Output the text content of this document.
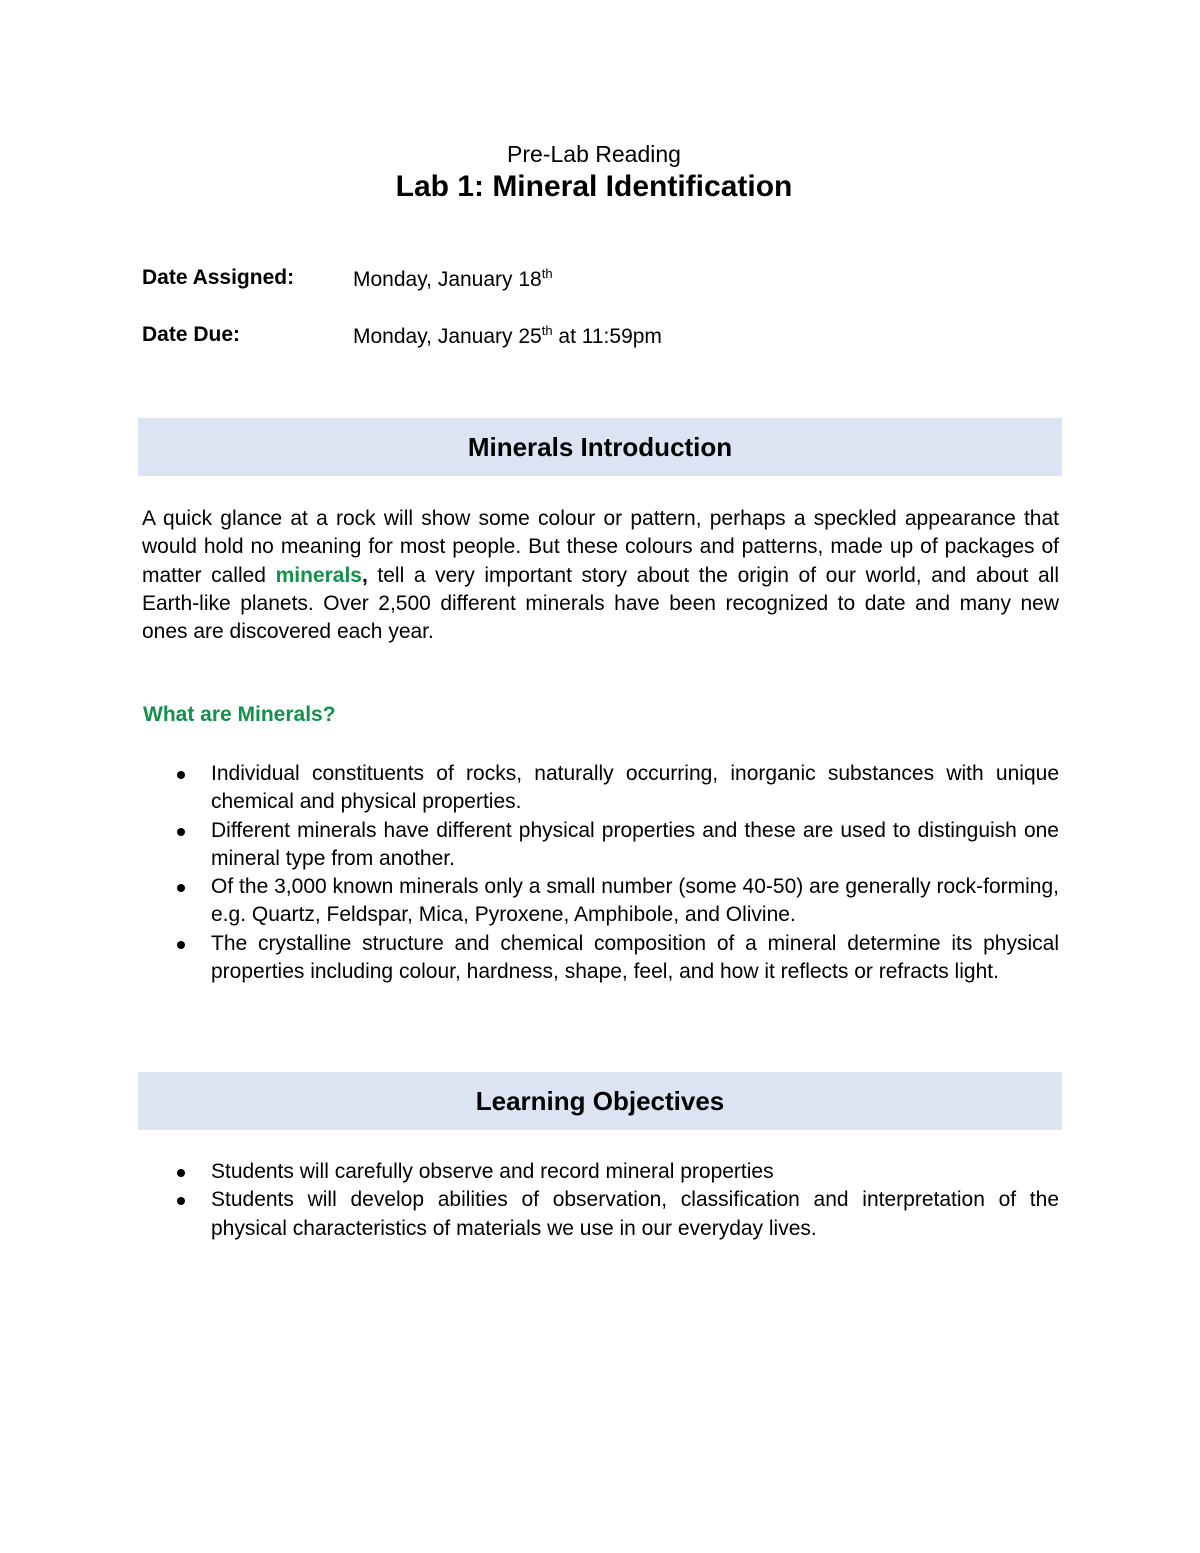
Pre-Lab Reading
Lab 1: Mineral Identification
Date Assigned:	Monday, January 18th
Date Due:	Monday, January 25th at 11:59pm
Minerals Introduction
A quick glance at a rock will show some colour or pattern, perhaps a speckled appearance that would hold no meaning for most people. But these colours and patterns, made up of packages of matter called minerals, tell a very important story about the origin of our world, and about all Earth-like planets. Over 2,500 different minerals have been recognized to date and many new ones are discovered each year.
What are Minerals?
Individual constituents of rocks, naturally occurring, inorganic substances with unique chemical and physical properties.
Different minerals have different physical properties and these are used to distinguish one mineral type from another.
Of the 3,000 known minerals only a small number (some 40-50) are generally rock-forming, e.g. Quartz, Feldspar, Mica, Pyroxene, Amphibole, and Olivine.
The crystalline structure and chemical composition of a mineral determine its physical properties including colour, hardness, shape, feel, and how it reflects or refracts light.
Learning Objectives
Students will carefully observe and record mineral properties
Students will develop abilities of observation, classification and interpretation of the physical characteristics of materials we use in our everyday lives.
